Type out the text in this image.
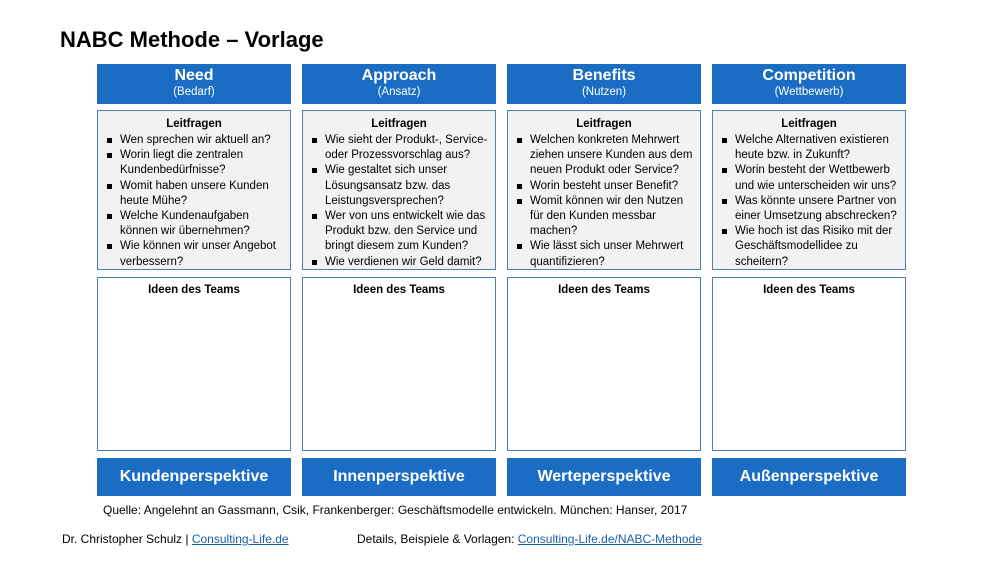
NABC Methode – Vorlage
Need
(Bedarf)
Leitfragen
Wen sprechen wir aktuell an?
Worin liegt die zentralen Kundenbedürfnisse?
Womit haben unsere Kunden heute Mühe?
Welche Kundenaufgaben können wir übernehmen?
Wie können wir unser Angebot verbessern?
Ideen des Teams
Kundenperspektive
Approach
(Ansatz)
Leitfragen
Wie sieht der Produkt-, Service- oder Prozessvorschlag aus?
Wie gestaltet sich unser Lösungsansatz bzw. das Leistungsversprechen?
Wer von uns entwickelt wie das Produkt bzw. den Service und bringt diesem zum Kunden?
Wie verdienen wir Geld damit?
Ideen des Teams
Innenperspektive
Benefits
(Nutzen)
Leitfragen
Welchen konkreten Mehrwert ziehen unsere Kunden aus dem neuen Produkt oder Service?
Worin besteht unser Benefit?
Womit können wir den Nutzen für den Kunden messbar machen?
Wie lässt sich unser Mehrwert quantifizieren?
Ideen des Teams
Werteperspektive
Competition
(Wettbewerb)
Leitfragen
Welche Alternativen existieren heute bzw. in Zukunft?
Worin besteht der Wettbewerb und wie unterscheiden wir uns?
Was könnte unsere Partner von einer Umsetzung abschrecken?
Wie hoch ist das Risiko mit der Geschäftsmodellidee zu scheitern?
Ideen des Teams
Außenperspektive
Quelle: Angelehnt an Gassmann, Csik, Frankenberger: Geschäftsmodelle entwickeln. München: Hanser, 2017
Dr. Christopher Schulz | Consulting-Life.de	Details, Beispiele & Vorlagen: Consulting-Life.de/NABC-Methode
